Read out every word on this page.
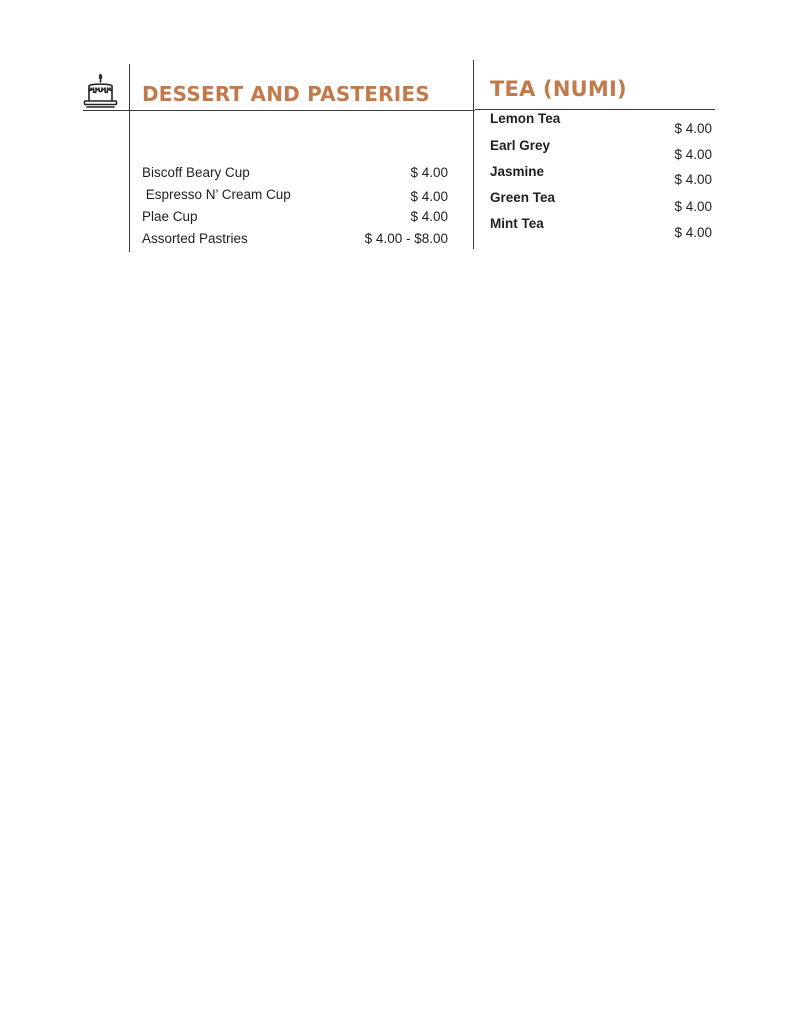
DESSERT AND PASTERIES	TEA (NUMI)
Biscoff Beary Cup	$ 4.00
Espresso N’ Cream Cup	$ 4.00
Plae Cup	$ 4.00
Assorted Pastries	$ 4.00 - $8.00
Lemon Tea
$ 4.00
Earl Grey
$ 4.00
Jasmine
$ 4.00
Green Tea
$ 4.00
Mint Tea
$ 4.00
